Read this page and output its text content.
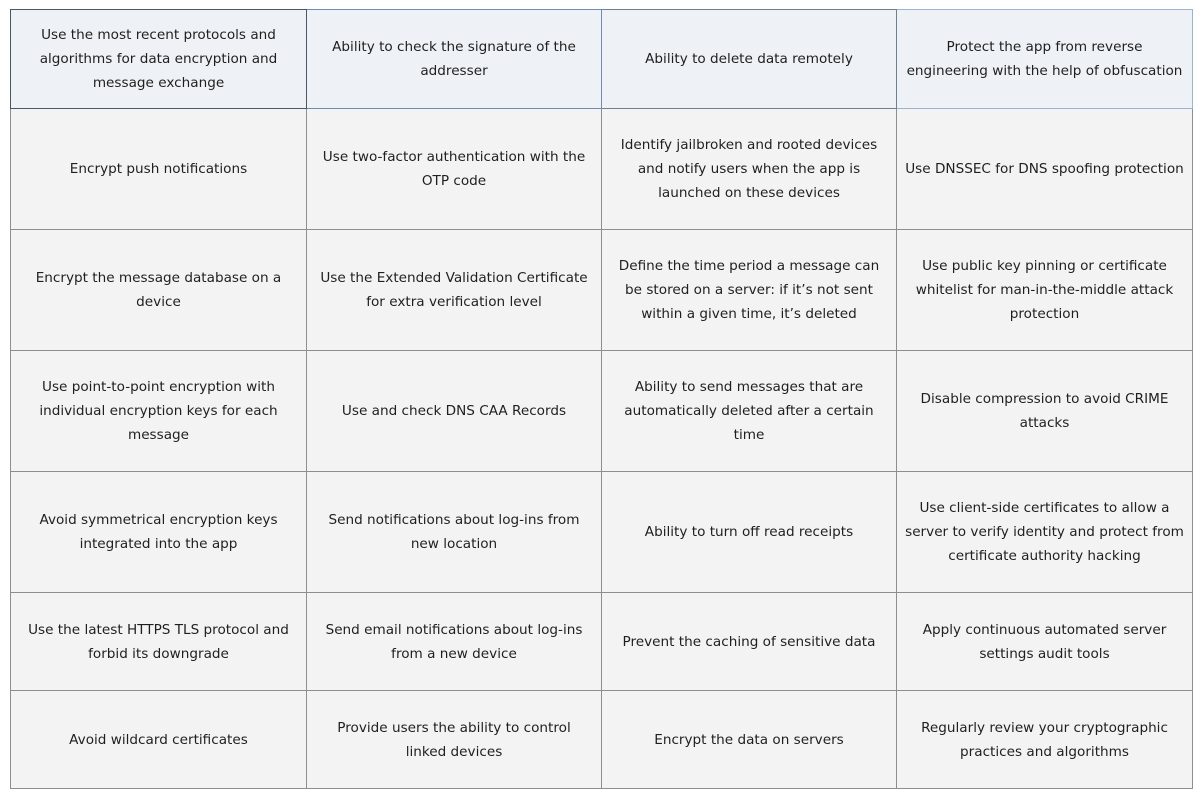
Use the most recent protocols and algorithms for data encryption and message exchange	Ability to check the signature of the addresser	Ability to delete data remotely	Protect the app from reverse engineering with the help of obfuscation
Encrypt push notifications	Use two-factor authentication with the OTP code	Identify jailbroken and rooted devices and notify users when the app is launched on these devices	Use DNSSEC for DNS spoofing protection
Encrypt the message database on a device	Use the Extended Validation Certificate for extra verification level	Define the time period a message can be stored on a server: if it’s not sent within a given time, it’s deleted	Use public key pinning or certificate whitelist for man-in-the-middle attack protection
Use point-to-point encryption with individual encryption keys for each message	Use and check DNS CAA Records	Ability to send messages that are automatically deleted after a certain time	Disable compression to avoid CRIME attacks
Avoid symmetrical encryption keys integrated into the app	Send notifications about log-ins from new location	Ability to turn off read receipts	Use client-side certificates to allow a server to verify identity and protect from certificate authority hacking
Use the latest HTTPS TLS protocol and forbid its downgrade	Send email notifications about log-ins from a new device	Prevent the caching of sensitive data	Apply continuous automated server settings audit tools
Avoid wildcard certificates	Provide users the ability to control linked devices	Encrypt the data on servers	Regularly review your cryptographic practices and algorithms
